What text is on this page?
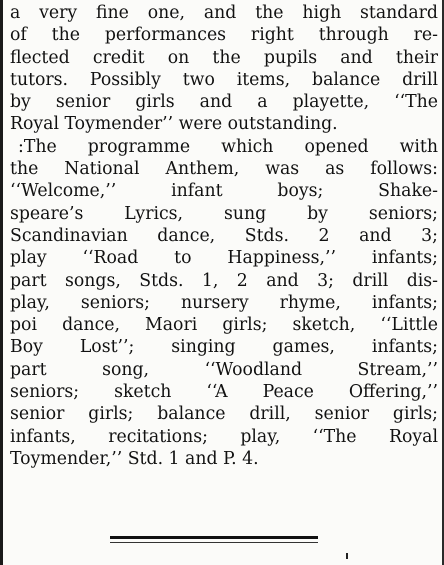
a very fine one, and the high standard
of the performances right through re-
flected credit on the pupils and their
tutors. Possibly two items, balance drill
by senior girls and a playette, ‘‘The
Royal Toymender’’ were outstanding.
:The programme which opened with
the National Anthem, was as follows:
‘‘Welcome,’’ infant boys; Shake-
speare’s Lyrics, sung by seniors;
Scandinavian dance, Stds. 2 and 3;
play ‘‘Road to Happiness,’’ infants;
part songs, Stds. 1, 2 and 3; drill dis-
play, seniors; nursery rhyme, infants;
poi dance, Maori girls; sketch, ‘‘Little
Boy Lost’’; singing games, infants;
part song, ‘‘Woodland Stream,’’
seniors; sketch ‘‘A Peace Offering,’’
senior girls; balance drill, senior girls;
infants, recitations; play, ‘‘The Royal
Toymender,’’ Std. 1 and P. 4.
